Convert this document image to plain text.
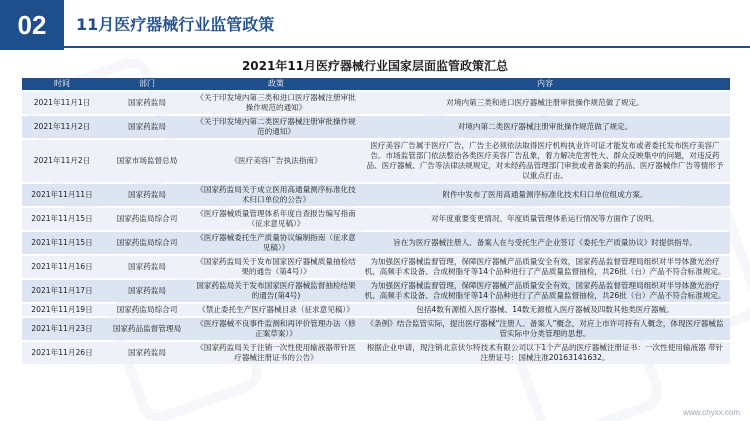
02	11月医疗器械行业监管政策
2021年11月医疗器械行业国家层面监管政策汇总
时间	部门	政策	内容
2021年11月1日	国家药监局	《关于印发境内第三类和进口医疗器械注册审批操作规范的通知》	对境内第三类和进口医疗器械注册审批操作规范做了规定。
2021年11月2日	国家药监局	《关于印发境内第二类医疗器械注册审批操作规范的通知》	对境内第二类医疗器械注册审批操作规范做了规定。
2021年11月2日	国家市场监督总局	《医疗美容广告执法指南》	医疗美容广告属于医疗广告，广告主必须依法取得医疗机构执业许可证才能发布或者委托发布医疗美容广告。市场监管部门依法整治各类医疗美容广告乱象，着力解决危害性大、群众反映集中的问题，对违反药品、医疗器械、广告等法律法规规定，对未经药品管理部门审批或者备案的药品、医疗器械作广告等情形予以重点打击。
2021年11月11日	国家药监局	《国家药监局关于成立医用高通量测序标准化技术归口单位的公告》	附件中发布了医用高通量测序标准化技术归口单位组成方案。
2021年11月15日	国家药监局综合司	《医疗器械质量管理体系年度自查报告编写指南（征求意见稿）》	对年度重要变更情况、年度质量管理体系运行情况等方面作了说明。
2021年11月15日	国家药监局综合司	《医疗器械委托生产质量协议编制指南（征求意见稿）》	旨在为医疗器械注册人、备案人在与受托生产企业签订《委托生产质量协议》时提供指导。
2021年11月16日	国家药监局	《国家药监局关于发布国家医疗器械质量抽检结果的通告（第4号）》	为加强医疗器械监督管理，保障医疗器械产品质量安全有效，国家药品监督管理局组织对半导体激光治疗机、高频手术设备、合成树脂牙等14个品种进行了产品质量监督抽检，共26批（台）产品不符合标准规定。
2021年11月17日	国家药监局	国家药监局关于发布国家医疗器械监督抽检结果的通告(第4号)	为加强医疗器械监督管理，保障医疗器械产品质量安全有效，国家药品监督管理局组织对半导体激光治疗机、高频手术设备、合成树脂牙等14个品种进行了产品质量监督抽检，共26批（台）产品不符合标准规定。
2021年11月19日	国家药监局综合司	《禁止委托生产医疗器械目录（征求意见稿）》	包括4数有源植入医疗器械、14数无源植入医疗器械及四数其他类医疗器械。
2021年11月23日	国家药品监督管理局	《医疗器械不良事件监测和再评价管理办法（修正案草案）》	《条例》结合监管实际，提出医疗器械“注册人、备案人”概念，对应上市许可持有人概念，体现医疗器械监管实际中分类管理的思想。
2021年11月26日	国家药监局	《国家药监局关于注销一次性使用输液器带针医疗器械注册证书的公告》	根据企业申请，现注销北京伏尔特技术有限公司以下1个产品的医疗器械注册证书：一次性使用输液器 带针 注册证号：国械注准20163141632。
www.chyxx.com
